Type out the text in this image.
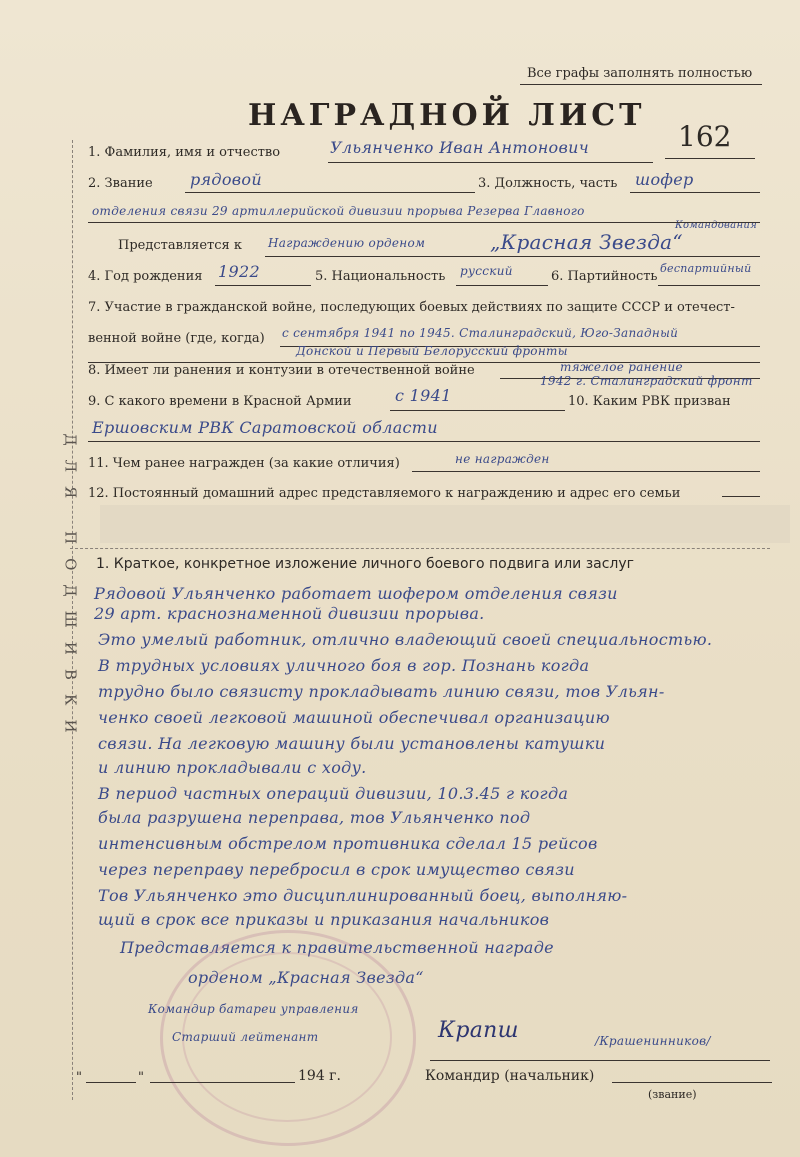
ДЛЯ ПОДШИВКИ
Все графы заполнять полностью
НАГРАДНОЙ ЛИСТ
162
1. Фамилия, имя и отчество	Ульянченко Иван Антонович
2. Звание рядовой	3. Должность, часть шофер
отделения связи 29 артиллерийской дивизии прорыва Резерва Главного
Командования
Представляется к Награждению орденом	„Красная Звезда“
4. Год рождения 1922	5. Национальность русский	6. Партийность
беспартийный
7. Участие в гражданской войне, последующих боевых действиях по защите СССР и отечест-
венной войне (где, когда) с сентября 1941 по 1945. Сталинградский, Юго-Западный
Донской и Первый Белорусский фронты
8. Имеет ли ранения и контузии в отечественной войне	тяжелое ранение
1942 г. Сталинградский фронт
9. С какого времени в Красной Армии	с 1941	10. Каким РВК призван
Ершовским РВК Саратовской области
11. Чем ранее награжден (за какие отличия)	не награжден
12. Постоянный домашний адрес представляемого к награждению и адрес его семьи
1. Краткое, конкретное изложение личного боевого подвига или заслуг
Рядовой Ульянченко работает шофером отделения связи
29 арт. краснознаменной дивизии прорыва.
Это умелый работник, отлично владеющий своей специальностью.
В трудных условиях уличного боя в гор. Познань когда
трудно было связисту прокладывать линию связи, тов Ульян-
ченко своей легковой машиной обеспечивал организацию
связи. На легковую машину были установлены катушки
и линию прокладывали с ходу.
В период частных операций дивизии, 10.3.45 г когда
была разрушена переправа, тов Ульянченко под
интенсивным обстрелом противника сделал 15 рейсов
через переправу перебросил в срок имущество связи
Тов Ульянченко это дисциплинированный боец, выполняю-
щий в срок все приказы и приказания начальников
Представляется к правительственной награде
орденом „Красная Звезда“
Командир батареи управления
Старший лейтенант	Крапш	/Крашенинников/
"	"	194 г.	Командир (начальник)
(звание)
